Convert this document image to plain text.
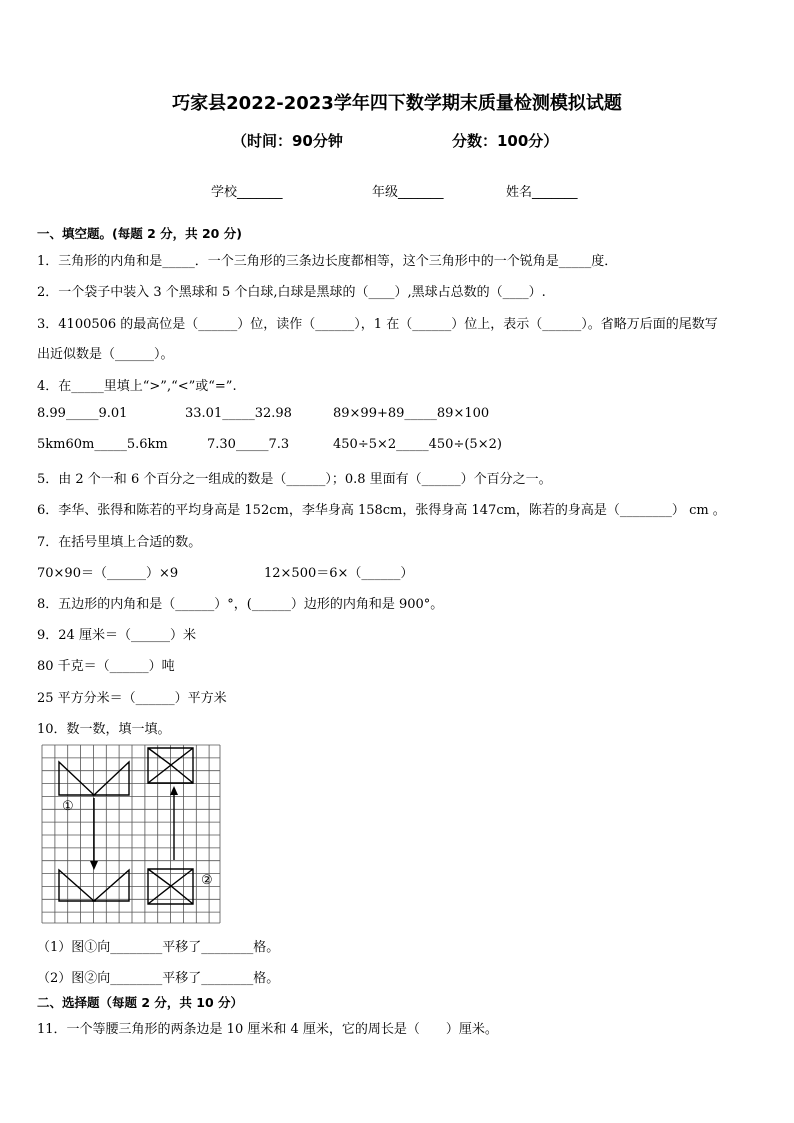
巧家县2022-2023学年四下数学期末质量检测模拟试题
（时间：90分钟	分数：100分）
学校_______	年级_______	姓名_______
一、填空题。(每题 2 分，共 20 分)
1．三角形的内角和是_____．一个三角形的三条边长度都相等，这个三角形中的一个锐角是_____度．
2．一个袋子中装入 3 个黑球和 5 个白球,白球是黑球的（____）,黑球占总数的（____）.
3．4100506 的最高位是（______）位，读作（______），1 在（______）位上，表示（______）。省略万后面的尾数写
出近似数是（______）。
4．在_____里填上“>”,“<”或“=”.
8.99_____9.01	33.01_____32.98	89×99+89_____89×100
5km60m_____5.6km	7.30_____7.3	450÷5×2_____450÷(5×2)
5．由 2 个一和 6 个百分之一组成的数是（______）；0.8 里面有（______）个百分之一。
6．李华、张得和陈若的平均身高是 152cm，李华身高 158cm，张得身高 147cm，陈若的身高是（________） cm 。
7．在括号里填上合适的数。
70×90＝（______）×9	12×500＝6×（______）
8．五边形的内角和是（______）°，(______）边形的内角和是 900°。
9．24 厘米＝（______）米
80 千克＝（______）吨
25 平方分米＝（______）平方米
10．数一数，填一填。
①
②
（1）图①向________平移了________格。
（2）图②向________平移了________格。
二、选择题（每题 2 分，共 10 分）
11．一个等腰三角形的两条边是 10 厘米和 4 厘米，它的周长是（　　）厘米。
